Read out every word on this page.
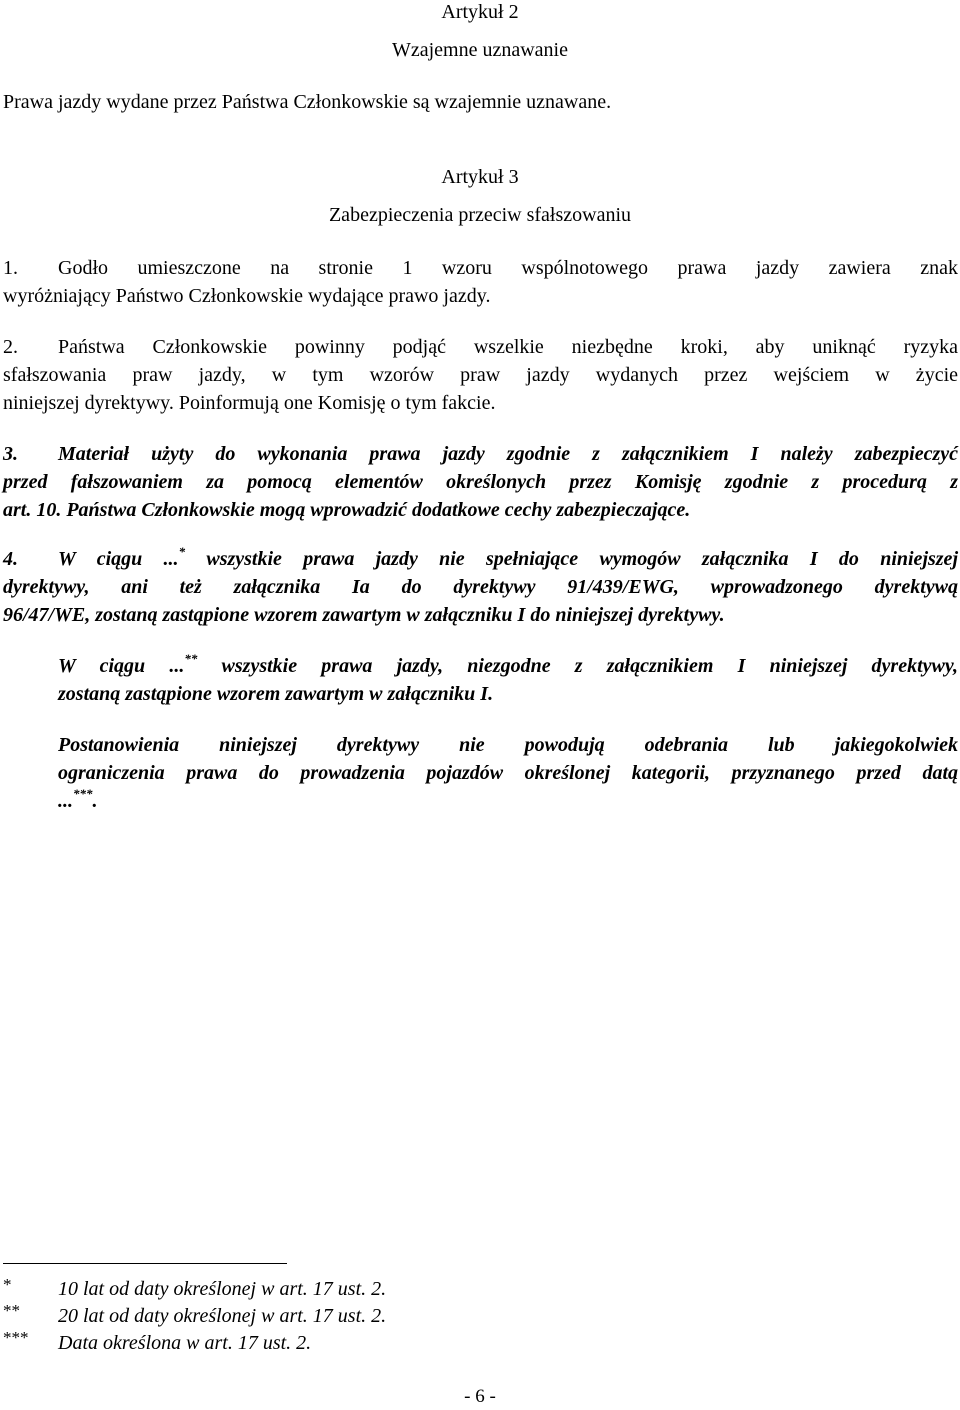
Artykuł 2
Wzajemne uznawanie
Prawa jazdy wydane przez Państwa Członkowskie są wzajemnie uznawane.
Artykuł 3
Zabezpieczenia przeciw sfałszowaniu
1. Godło umieszczone na stronie 1 wzoru wspólnotowego prawa jazdy zawiera znak
wyróżniający Państwo Członkowskie wydające prawo jazdy.
2. Państwa Członkowskie powinny podjąć wszelkie niezbędne kroki, aby uniknąć ryzyka
sfałszowania praw jazdy, w tym wzorów praw jazdy wydanych przez wejściem w życie
niniejszej dyrektywy. Poinformują one Komisję o tym fakcie.
3. Materiał użyty do wykonania prawa jazdy zgodnie z załącznikiem I należy zabezpieczyć
przed fałszowaniem za pomocą elementów określonych przez Komisję zgodnie z procedurą z
art. 10. Państwa Członkowskie mogą wprowadzić dodatkowe cechy zabezpieczające.
4. W ciągu ...* wszystkie prawa jazdy nie spełniające wymogów załącznika I do niniejszej
dyrektywy, ani też załącznika Ia do dyrektywy 91/439/EWG, wprowadzonego dyrektywą
96/47/WE, zostaną zastąpione wzorem zawartym w załączniku I do niniejszej dyrektywy.
W ciągu ...** wszystkie prawa jazdy, niezgodne z załącznikiem I niniejszej dyrektywy,
zostaną zastąpione wzorem zawartym w załączniku I.
Postanowienia niniejszej dyrektywy nie powodują odebrania lub jakiegokolwiek
ograniczenia prawa do prowadzenia pojazdów określonej kategorii, przyznanego przed datą
...***.
* 10 lat od daty określonej w art. 17 ust. 2.
** 20 lat od daty określonej w art. 17 ust. 2.
*** Data określona w art. 17 ust. 2.
- 6 -
